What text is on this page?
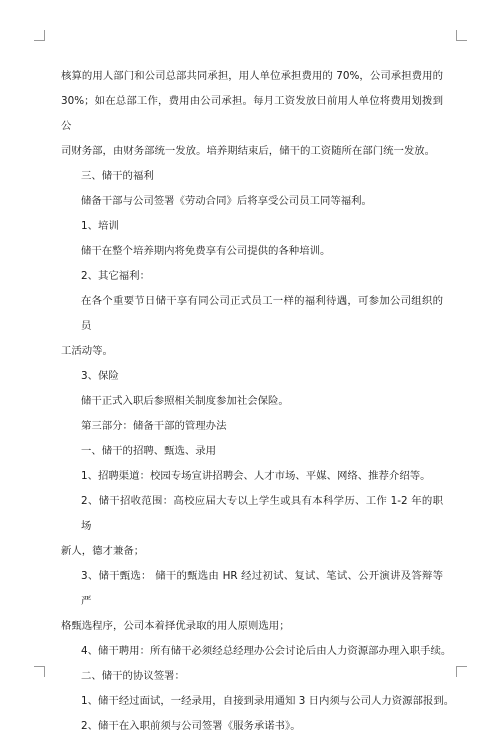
核算的用人部门和公司总部共同承担，用人单位承担费用的 70%，公司承担费用的

30%；如在总部工作，费用由公司承担。每月工资发放日前用人单位将费用划拨到公

司财务部，由财务部统一发放。培养期结束后，储干的工资随所在部门统一发放。

三、储干的福利

储备干部与公司签署《劳动合同》后将享受公司员工同等福利。

1、培训

储干在整个培养期内将免费享有公司提供的各种培训。

2、其它福利：

在各个重要节日储干享有同公司正式员工一样的福利待遇，可参加公司组织的员

工活动等。

3、保险

储干正式入职后参照相关制度参加社会保险。

第三部分：储备干部的管理办法

一、储干的招聘、甄选、录用

1、招聘渠道：校园专场宣讲招聘会、人才市场、平媒、网络、推荐介绍等。

2、储干招收范围：高校应届大专以上学生或具有本科学历、工作 1-2 年的职场

新人，德才兼备；

3、储干甄选： 储干的甄选由 HR 经过初试、复试、笔试、公开演讲及答辩等严

格甄选程序，公司本着择优录取的用人原则选用；

4、储干聘用：所有储干必须经总经理办公会讨论后由人力资源部办理入职手续。

二、储干的协议签署：

1、储干经过面试，一经录用，自接到录用通知 3 日内须与公司人力资源部报到。

2、储干在入职前须与公司签署《服务承诺书》。
